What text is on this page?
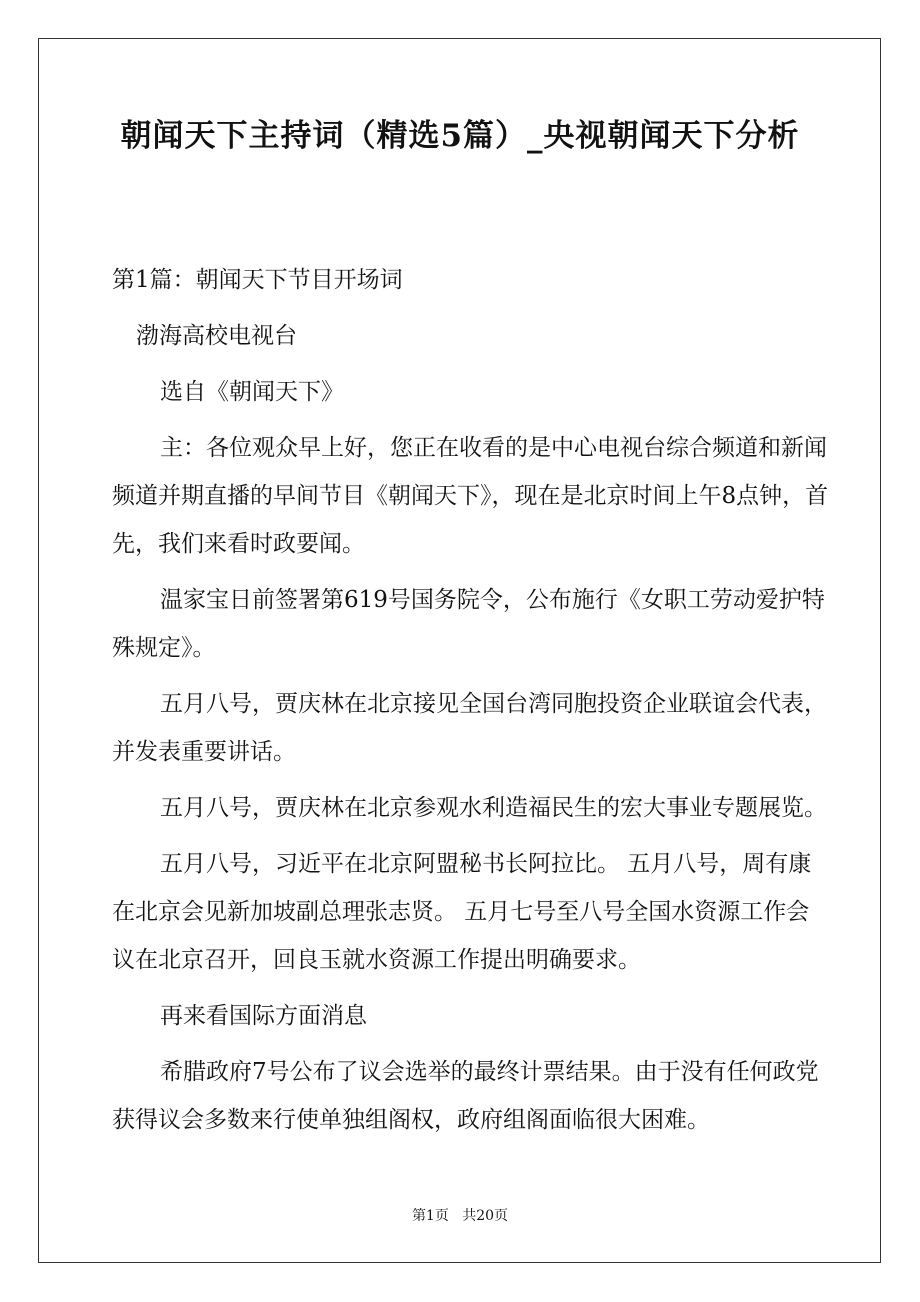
朝闻天下主持词（精选5篇）_央视朝闻天下分析

第1篇：朝闻天下节目开场词

渤海高校电视台

选自《朝闻天下》

主：各位观众早上好，您正在收看的是中心电视台综合频道和新闻频道并期直播的早间节目《朝闻天下》，现在是北京时间上午8点钟，首先，我们来看时政要闻。

温家宝日前签署第619号国务院令，公布施行《女职工劳动爱护特殊规定》。

五月八号，贾庆林在北京接见全国台湾同胞投资企业联谊会代表，并发表重要讲话。

五月八号，贾庆林在北京参观水利造福民生的宏大事业专题展览。

五月八号，习近平在北京阿盟秘书长阿拉比。 五月八号，周有康在北京会见新加坡副总理张志贤。 五月七号至八号全国水资源工作会议在北京召开，回良玉就水资源工作提出明确要求。

再来看国际方面消息

希腊政府7号公布了议会选举的最终计票结果。由于没有任何政党获得议会多数来行使单独组阁权，政府组阁面临很大困难。

第1页 共20页
